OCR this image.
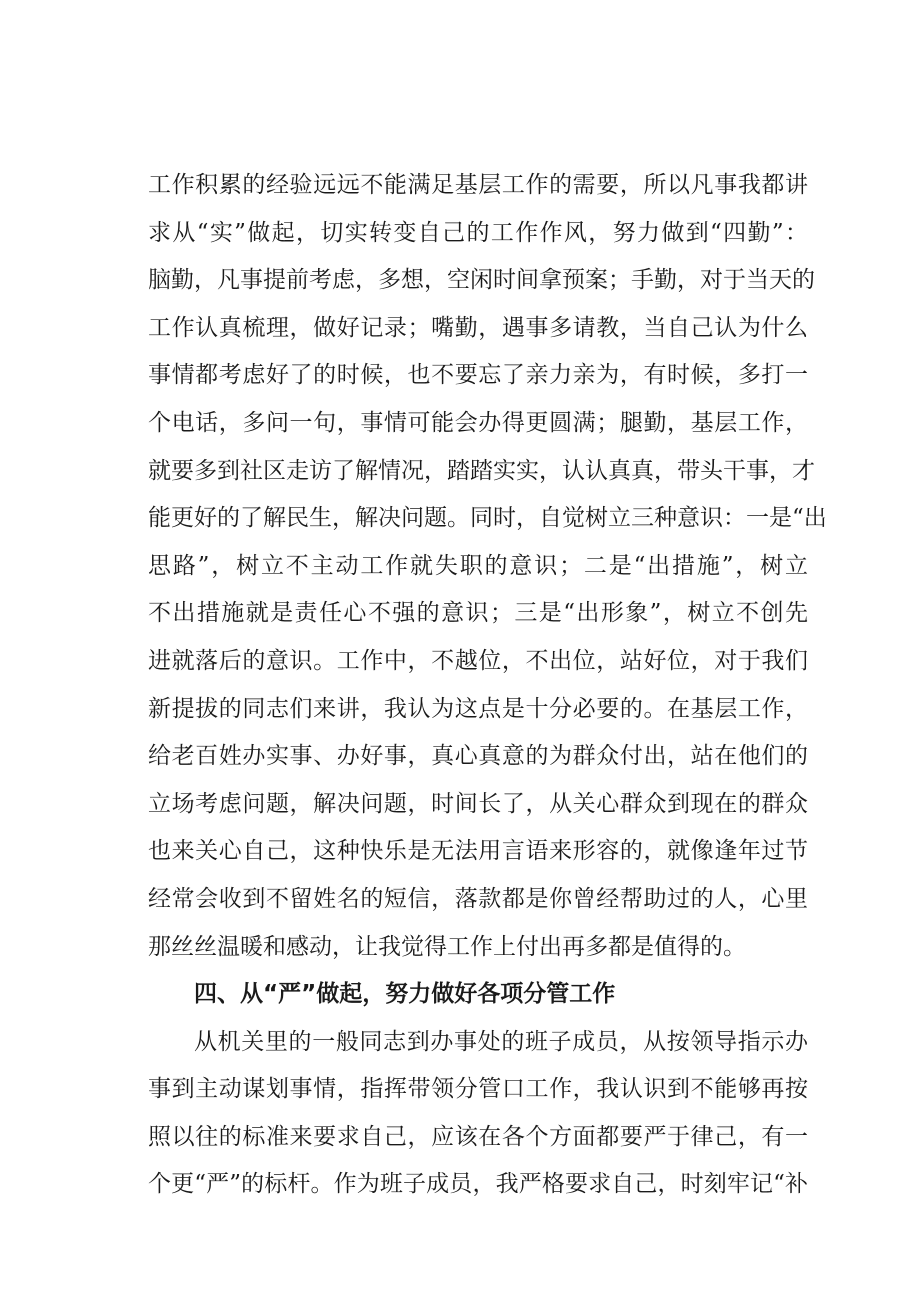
工作积累的经验远远不能满足基层工作的需要，所以凡事我都讲
求从“实”做起，切实转变自己的工作作风，努力做到“四勤”：
脑勤，凡事提前考虑，多想，空闲时间拿预案；手勤，对于当天的
工作认真梳理，做好记录；嘴勤，遇事多请教，当自己认为什么
事情都考虑好了的时候，也不要忘了亲力亲为，有时候，多打一
个电话，多问一句，事情可能会办得更圆满；腿勤，基层工作，
就要多到社区走访了解情况，踏踏实实，认认真真，带头干事，才
能更好的了解民生，解决问题。同时，自觉树立三种意识：一是“出
思路”，树立不主动工作就失职的意识；二是“出措施”，树立
不出措施就是责任心不强的意识；三是“出形象”，树立不创先
进就落后的意识。工作中，不越位，不出位，站好位，对于我们
新提拔的同志们来讲，我认为这点是十分必要的。在基层工作，
给老百姓办实事、办好事，真心真意的为群众付出，站在他们的
立场考虑问题，解决问题，时间长了，从关心群众到现在的群众
也来关心自己，这种快乐是无法用言语来形容的，就像逢年过节
经常会收到不留姓名的短信，落款都是你曾经帮助过的人，心里
那丝丝温暖和感动，让我觉得工作上付出再多都是值得的。
四、从“严”做起，努力做好各项分管工作
从机关里的一般同志到办事处的班子成员，从按领导指示办
事到主动谋划事情，指挥带领分管口工作，我认识到不能够再按
照以往的标准来要求自己，应该在各个方面都要严于律己，有一
个更“严”的标杆。作为班子成员，我严格要求自己，时刻牢记“补
